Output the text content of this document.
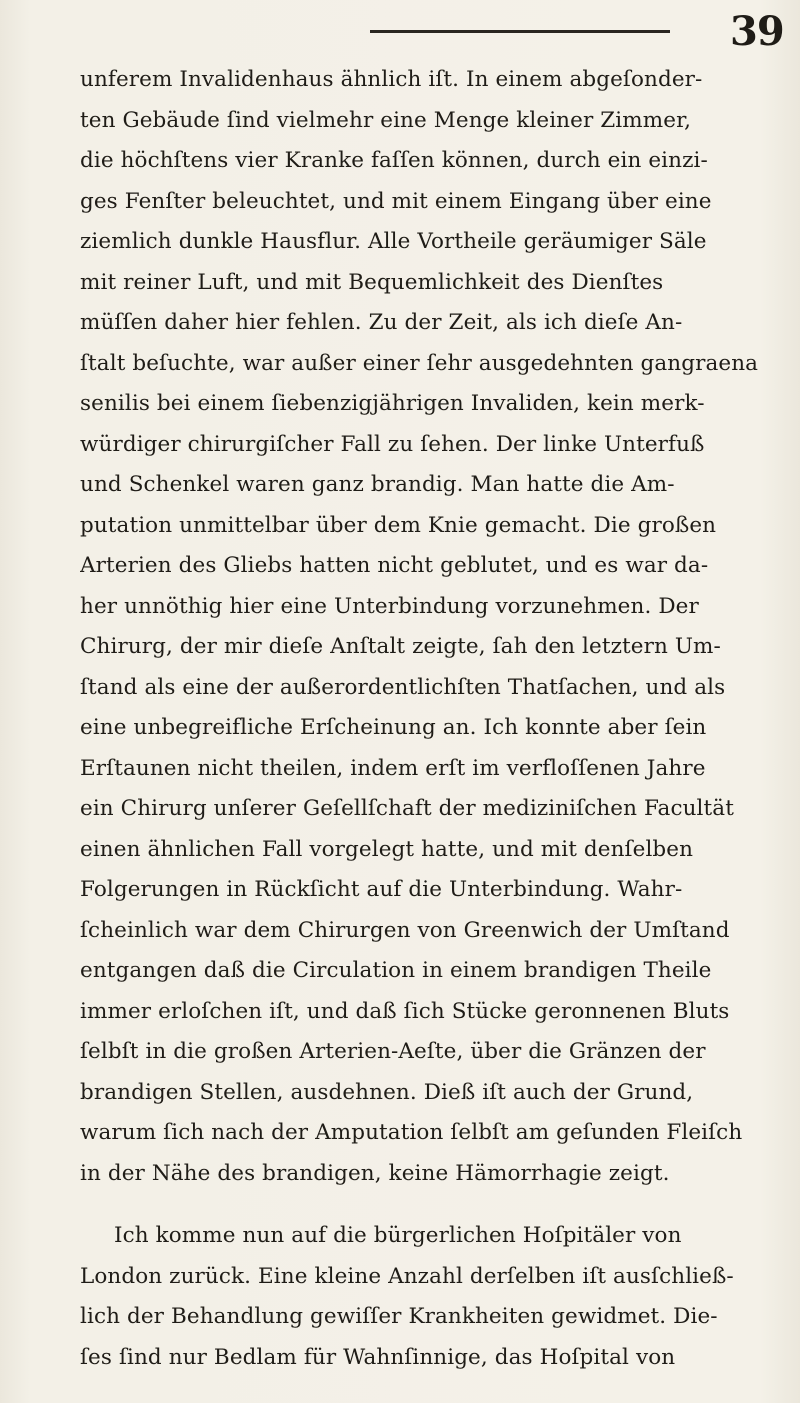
39
unferem Invalidenhaus ähnlich iſt. In einem abgeſonder-
ten Gebäude ſind vielmehr eine Menge kleiner Zimmer,
die höchſtens vier Kranke faſſen können, durch ein einzi-
ges Fenſter beleuchtet, und mit einem Eingang über eine
ziemlich dunkle Hausflur. Alle Vortheile geräumiger Säle
mit reiner Luft, und mit Bequemlichkeit des Dienſtes
müſſen daher hier fehlen. Zu der Zeit, als ich dieſe An-
ſtalt beſuchte, war außer einer ſehr ausgedehnten gangraena
senilis bei einem ſiebenzigjährigen Invaliden, kein merk-
würdiger chirurgiſcher Fall zu ſehen. Der linke Unterfuß
und Schenkel waren ganz brandig. Man hatte die Am-
putation unmittelbar über dem Knie gemacht. Die großen
Arterien des Gliebs hatten nicht geblutet, und es war da-
her unnöthig hier eine Unterbindung vorzunehmen. Der
Chirurg, der mir dieſe Anſtalt zeigte, ſah den letztern Um-
ſtand als eine der außerordentlichſten Thatſachen, und als
eine unbegreifliche Erſcheinung an. Ich konnte aber ſein
Erſtaunen nicht theilen, indem erſt im verfloſſenen Jahre
ein Chirurg unſerer Geſellſchaft der mediziniſchen Facultät
einen ähnlichen Fall vorgelegt hatte, und mit denſelben
Folgerungen in Rückſicht auf die Unterbindung. Wahr-
ſcheinlich war dem Chirurgen von Greenwich der Umſtand
entgangen daß die Circulation in einem brandigen Theile
immer erloſchen iſt, und daß ſich Stücke geronnenen Bluts
ſelbſt in die großen Arterien-Aeſte, über die Gränzen der
brandigen Stellen, ausdehnen. Dieß iſt auch der Grund,
warum ſich nach der Amputation ſelbſt am geſunden Fleiſch
in der Nähe des brandigen, keine Hämorrhagie zeigt.
Ich komme nun auf die bürgerlichen Hoſpitäler von
London zurück. Eine kleine Anzahl derſelben iſt ausſchließ-
lich der Behandlung gewiſſer Krankheiten gewidmet. Die-
ſes ſind nur Bedlam für Wahnſinnige, das Hoſpital von
